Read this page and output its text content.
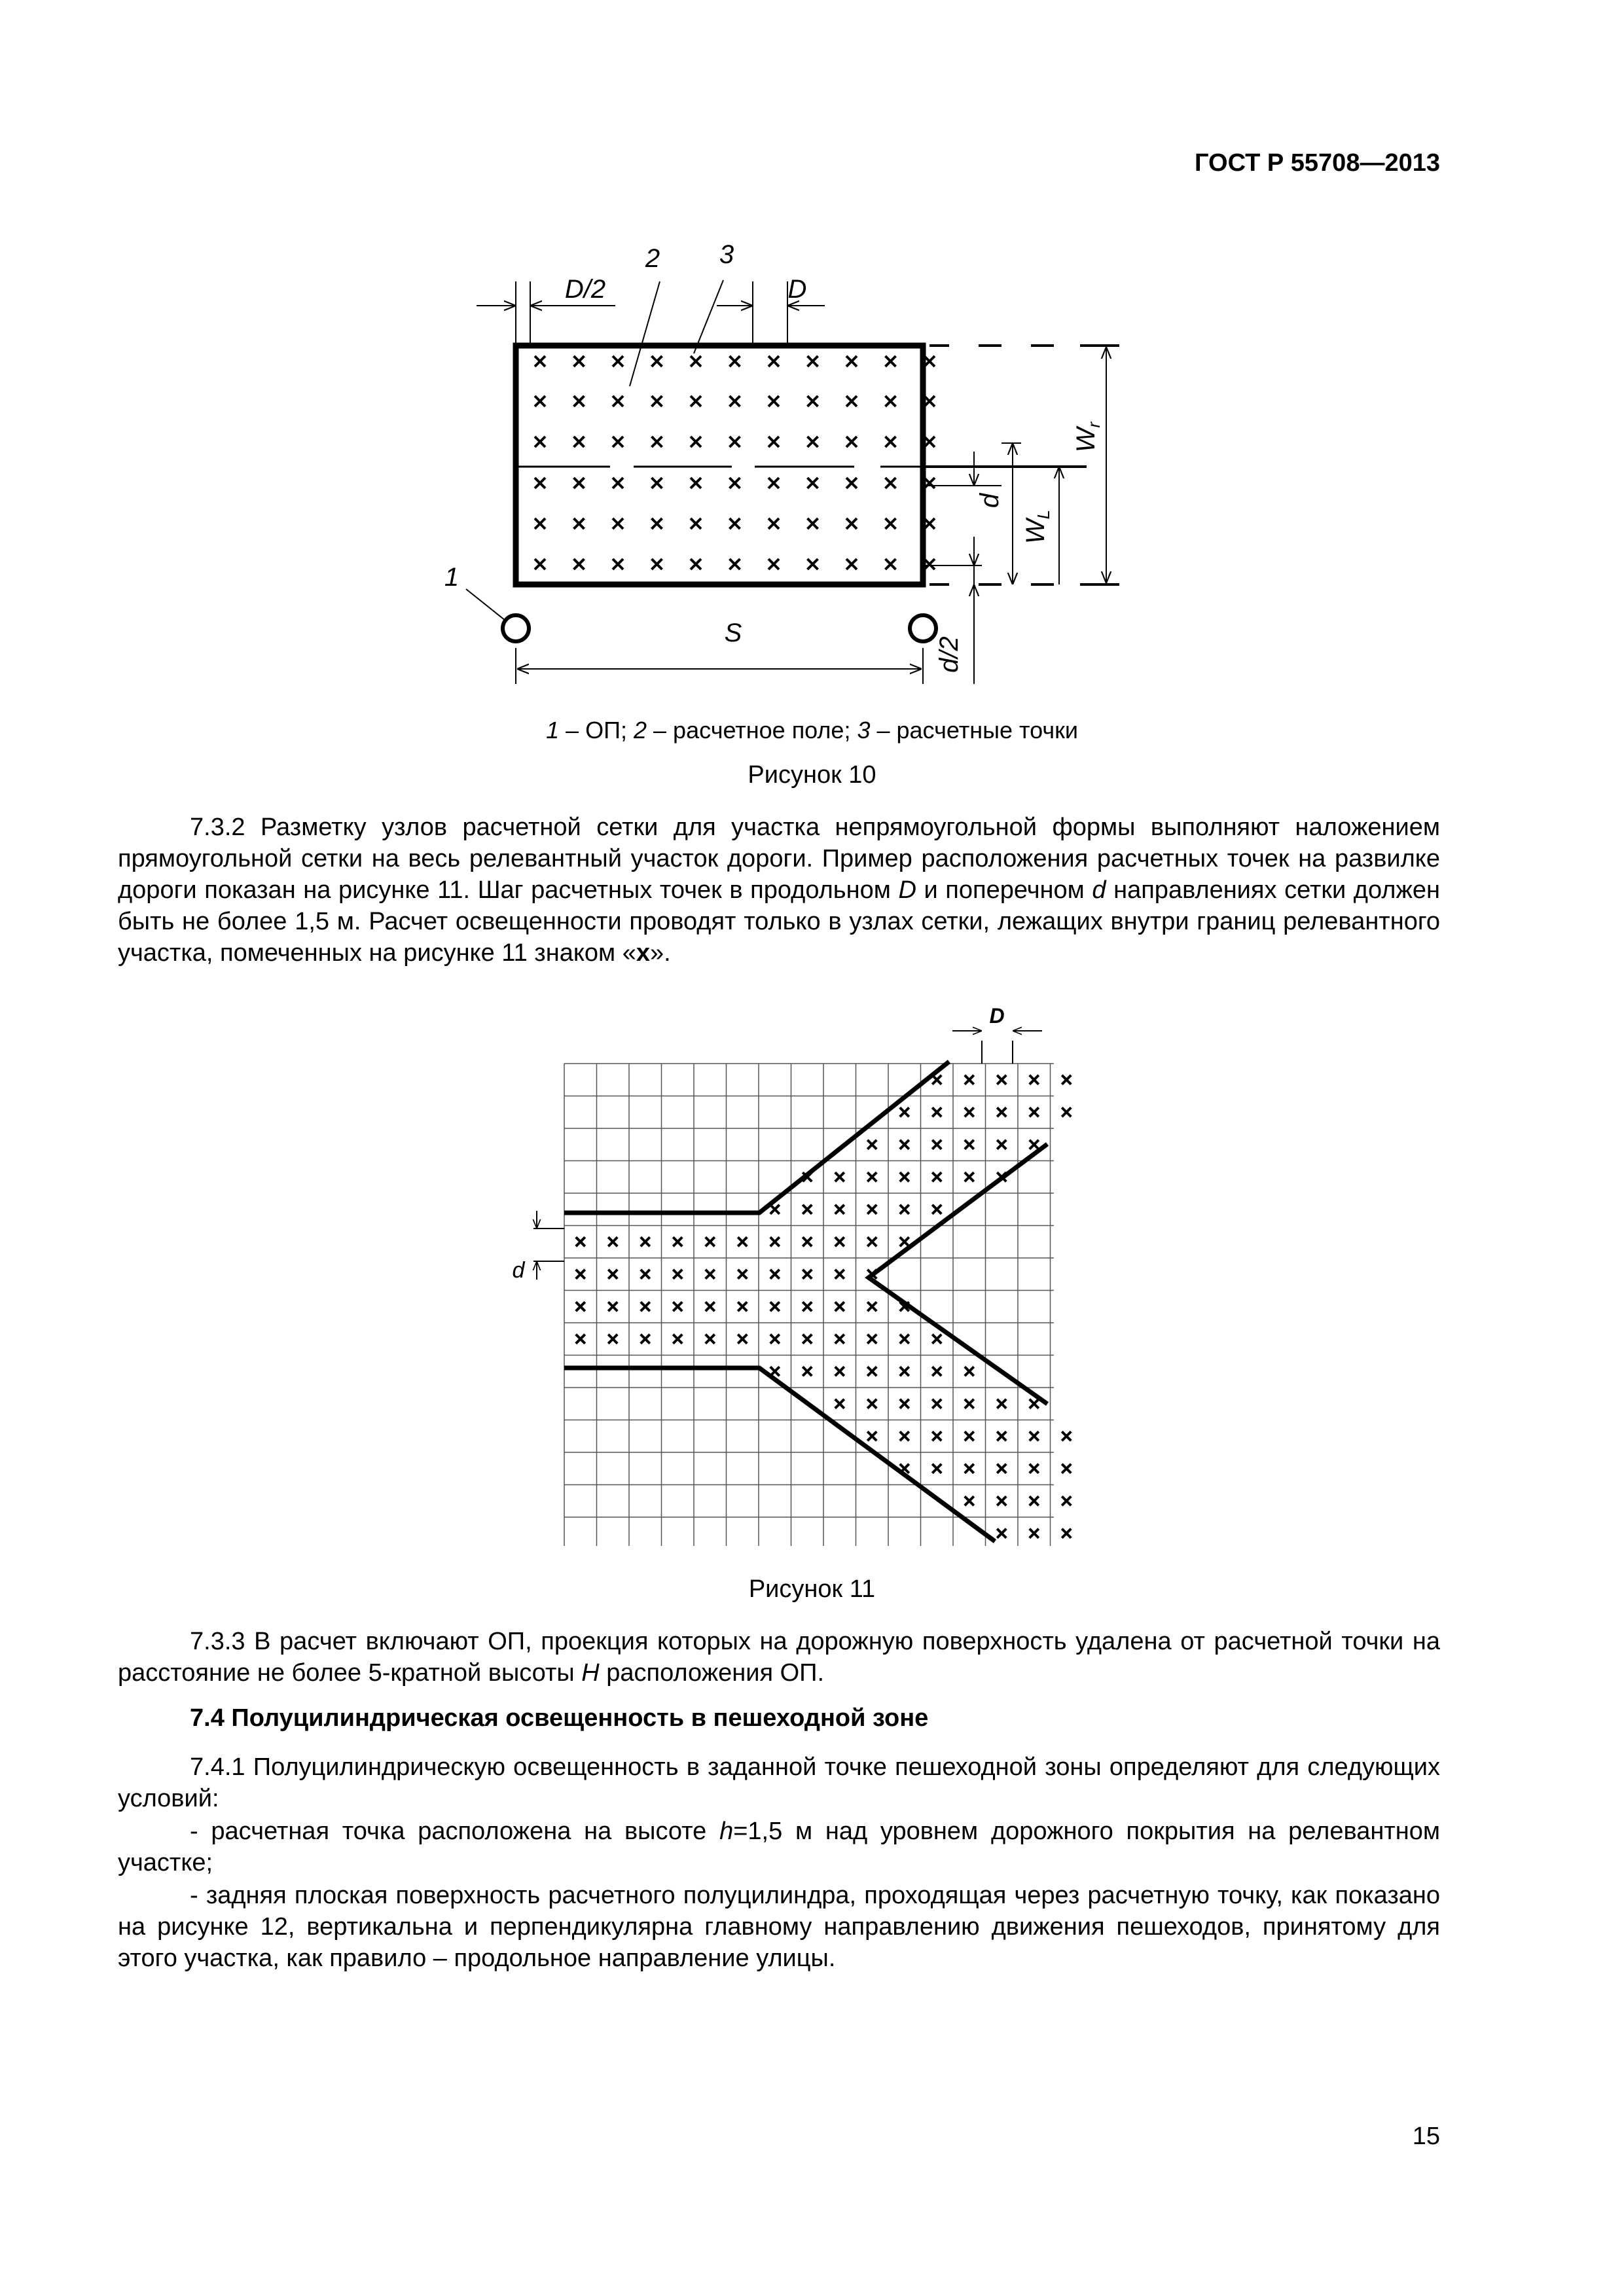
ГОСТ Р 55708—2013
2 3
D/2	D
1
S
d
d/2
$W_L$
$W_r$
1 – ОП; 2 – расчетное поле; 3 – расчетные точки
Рисунок 10

7.3.2 Разметку узлов расчетной сетки для участка непрямоугольной формы выполняют наложением прямоугольной сетки на весь релевантный участок дороги. Пример расположения расчетных точек на развилке дороги показан на рисунке 11. Шаг расчетных точек в продольном D и поперечном d направлениях сетки должен быть не более 1,5 м. Расчет освещенности проводят только в узлах сетки, лежащих внутри границ релевантного участка, помеченных на рисунке 11 знаком «x».

D
d
Рисунок 11

7.3.3 В расчет включают ОП, проекция которых на дорожную поверхность удалена от расчетной точки на расстояние не более 5-кратной высоты H расположения ОП.

7.4 Полуцилиндрическая освещенность в пешеходной зоне

7.4.1 Полуцилиндрическую освещенность в заданной точке пешеходной зоны определяют для следующих условий:

- расчетная точка расположена на высоте h=1,5 м над уровнем дорожного покрытия на релевантном участке;

- задняя плоская поверхность расчетного полуцилиндра, проходящая через расчетную точку, как показано на рисунке 12, вертикальна и перпендикулярна главному направлению движения пешеходов, принятому для этого участка, как правило – продольное направление улицы.

15
